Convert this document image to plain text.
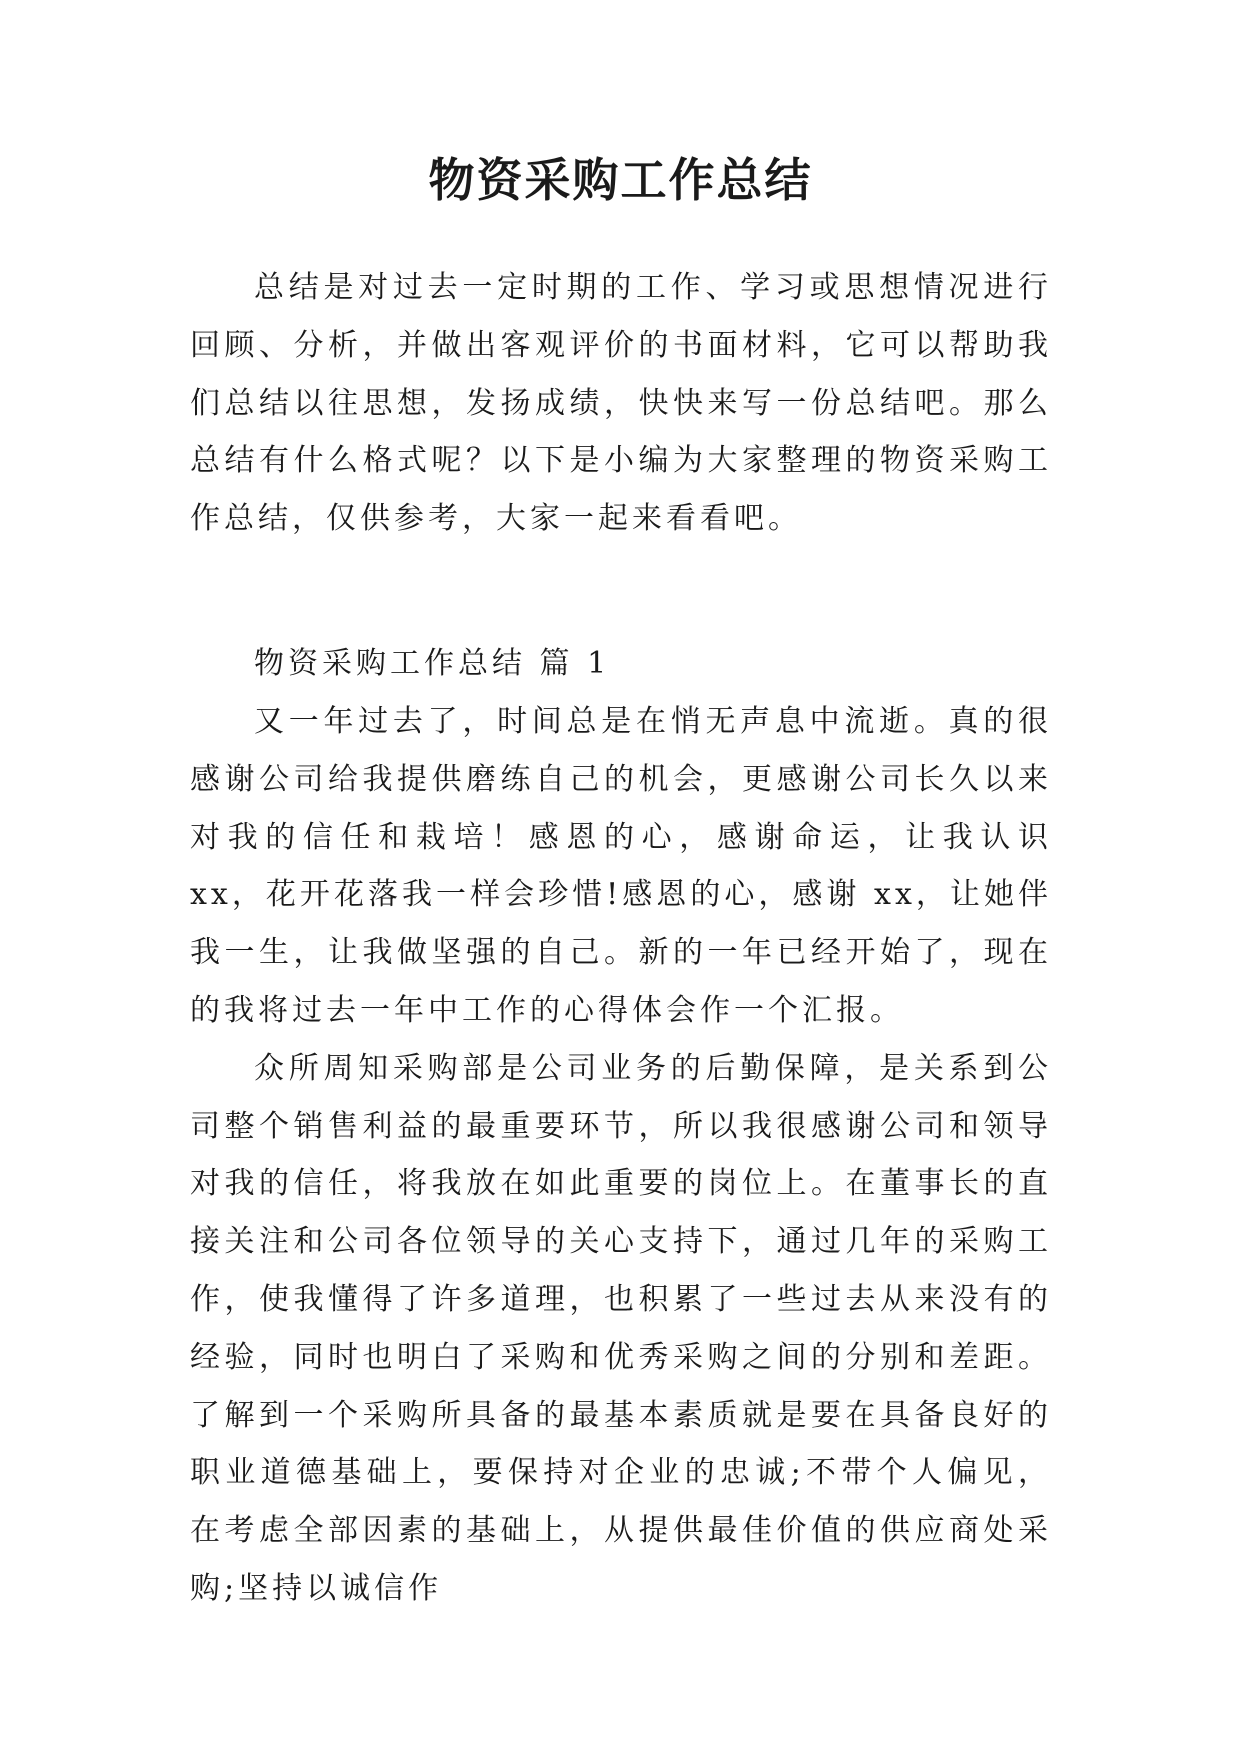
物资采购工作总结

总结是对过去一定时期的工作、学习或思想情况进行回顾、分析，并做出客观评价的书面材料，它可以帮助我们总结以往思想，发扬成绩，快快来写一份总结吧。那么总结有什么格式呢？以下是小编为大家整理的物资采购工作总结，仅供参考，大家一起来看看吧。

物资采购工作总结 篇 1

又一年过去了，时间总是在悄无声息中流逝。真的很感谢公司给我提供磨练自己的机会，更感谢公司长久以来对我的信任和栽培！感恩的心，感谢命运，让我认识 xx，花开花落我一样会珍惜!感恩的心，感谢 xx，让她伴我一生，让我做坚强的自己。新的一年已经开始了，现在的我将过去一年中工作的心得体会作一个汇报。

众所周知采购部是公司业务的后勤保障，是关系到公司整个销售利益的最重要环节，所以我很感谢公司和领导对我的信任，将我放在如此重要的岗位上。在董事长的直接关注和公司各位领导的关心支持下，通过几年的采购工作，使我懂得了许多道理，也积累了一些过去从来没有的经验，同时也明白了采购和优秀采购之间的分别和差距。了解到一个采购所具备的最基本素质就是要在具备良好的职业道德基础上，要保持对企业的忠诚;不带个人偏见，在考虑全部因素的基础上，从提供最佳价值的供应商处采购;坚持以诚信作
